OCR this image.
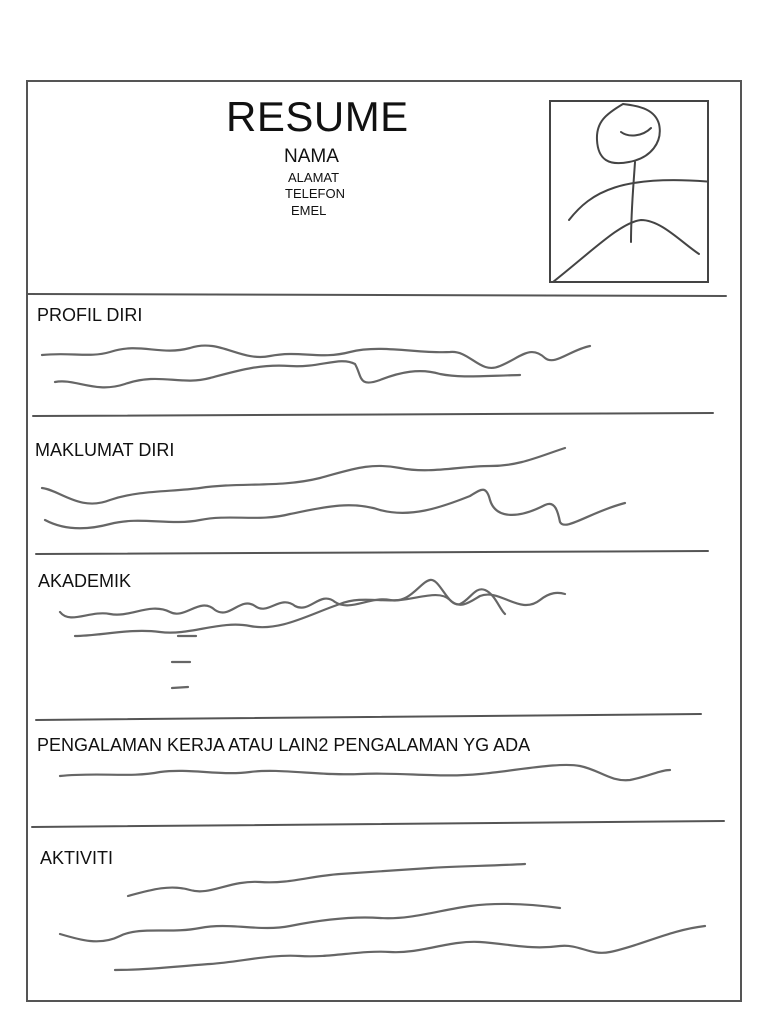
RESUME
NAMA
ALAMAT
TELEFON
EMEL
PROFIL DIRI
MAKLUMAT DIRI
AKADEMIK
PENGALAMAN KERJA ATAU LAIN2 PENGALAMAN YG ADA
AKTIVITI
